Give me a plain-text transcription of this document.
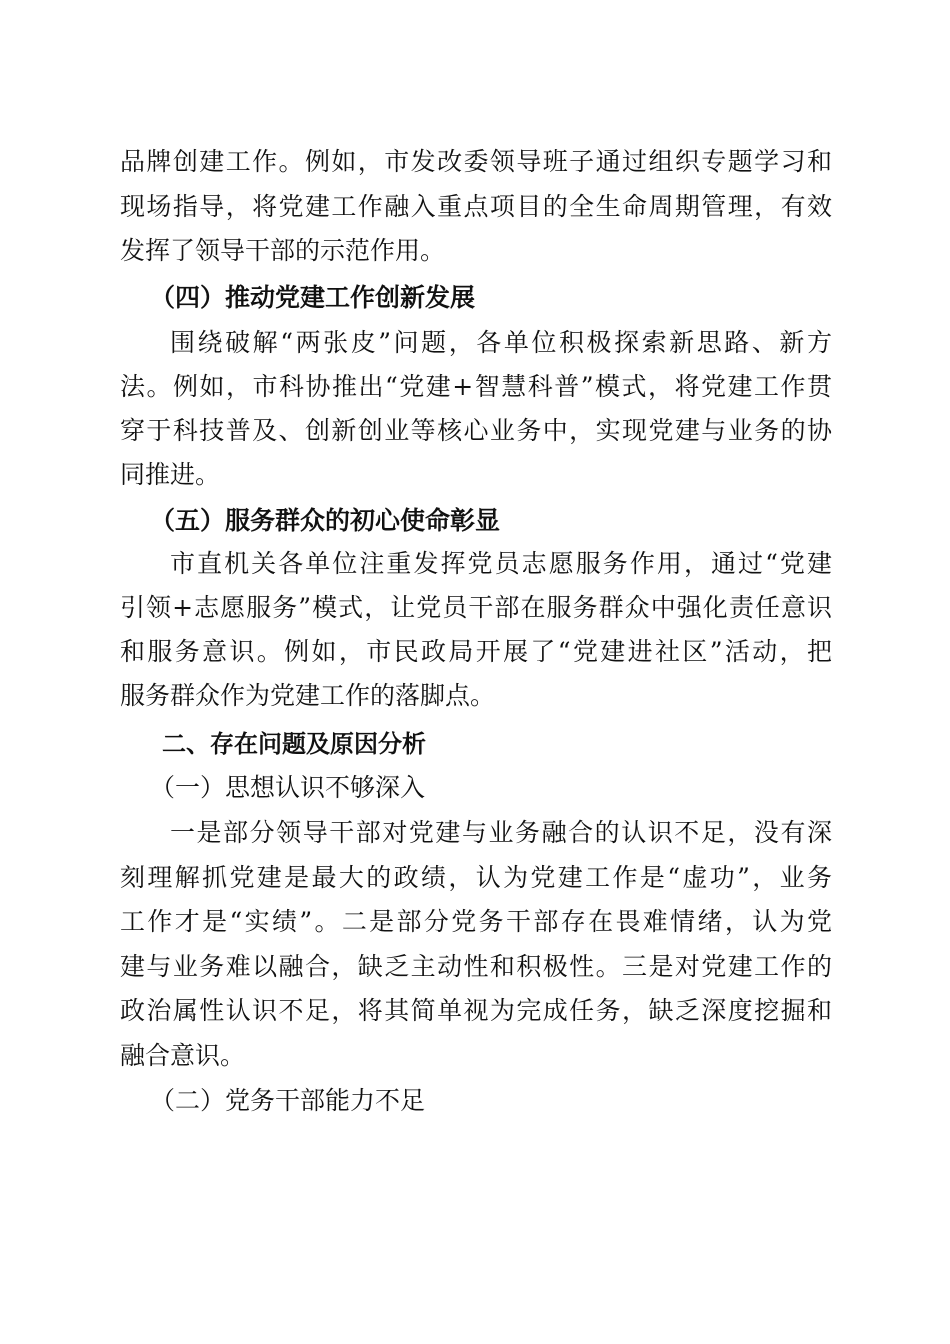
品牌创建工作。例如，市发改委领导班子通过组织专题学习和
现场指导，将党建工作融入重点项目的全生命周期管理，有效
发挥了领导干部的示范作用。
（四）推动党建工作创新发展
围绕破解“两张皮”问题，各单位积极探索新思路、新方
法。例如，市科协推出“党建+智慧科普”模式，将党建工作贯
穿于科技普及、创新创业等核心业务中，实现党建与业务的协
同推进。
（五）服务群众的初心使命彰显
市直机关各单位注重发挥党员志愿服务作用，通过“党建
引领+志愿服务”模式，让党员干部在服务群众中强化责任意识
和服务意识。例如，市民政局开展了“党建进社区”活动，把
服务群众作为党建工作的落脚点。
二、存在问题及原因分析
（一）思想认识不够深入
一是部分领导干部对党建与业务融合的认识不足，没有深
刻理解抓党建是最大的政绩，认为党建工作是“虚功”，业务
工作才是“实绩”。二是部分党务干部存在畏难情绪，认为党
建与业务难以融合，缺乏主动性和积极性。三是对党建工作的
政治属性认识不足，将其简单视为完成任务，缺乏深度挖掘和
融合意识。
（二）党务干部能力不足
